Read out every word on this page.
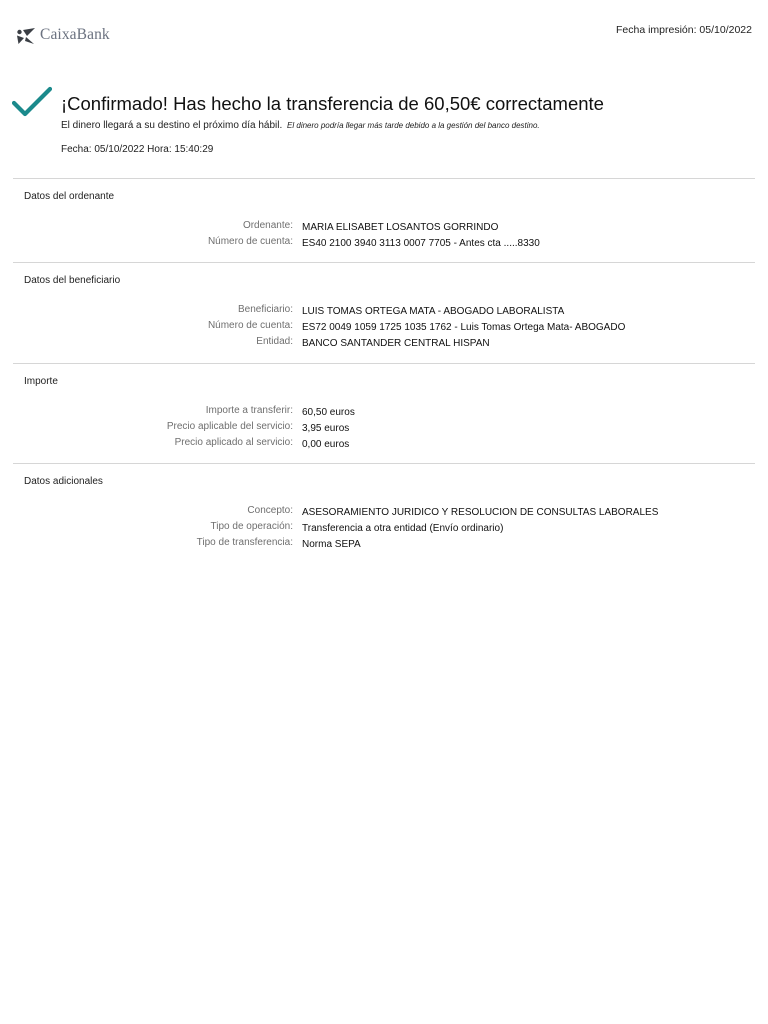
CaixaBank	Fecha impresión: 05/10/2022
¡Confirmado! Has hecho la transferencia de 60,50€ correctamente
El dinero llegará a su destino el próximo día hábil. El dinero podría llegar más tarde debido a la gestión del banco destino.
Fecha: 05/10/2022 Hora: 15:40:29
Datos del ordenante
Ordenante: MARIA ELISABET LOSANTOS GORRINDO
Número de cuenta: ES40 2100 3940 3113 0007 7705 - Antes cta .....8330
Datos del beneficiario
Beneficiario: LUIS TOMAS ORTEGA MATA - ABOGADO LABORALISTA
Número de cuenta: ES72 0049 1059 1725 1035 1762 - Luis Tomas Ortega Mata- ABOGADO
Entidad: BANCO SANTANDER CENTRAL HISPAN
Importe
Importe a transferir: 60,50 euros
Precio aplicable del servicio: 3,95 euros
Precio aplicado al servicio: 0,00 euros
Datos adicionales
Concepto: ASESORAMIENTO JURIDICO Y RESOLUCION DE CONSULTAS LABORALES
Tipo de operación: Transferencia a otra entidad (Envío ordinario)
Tipo de transferencia: Norma SEPA
